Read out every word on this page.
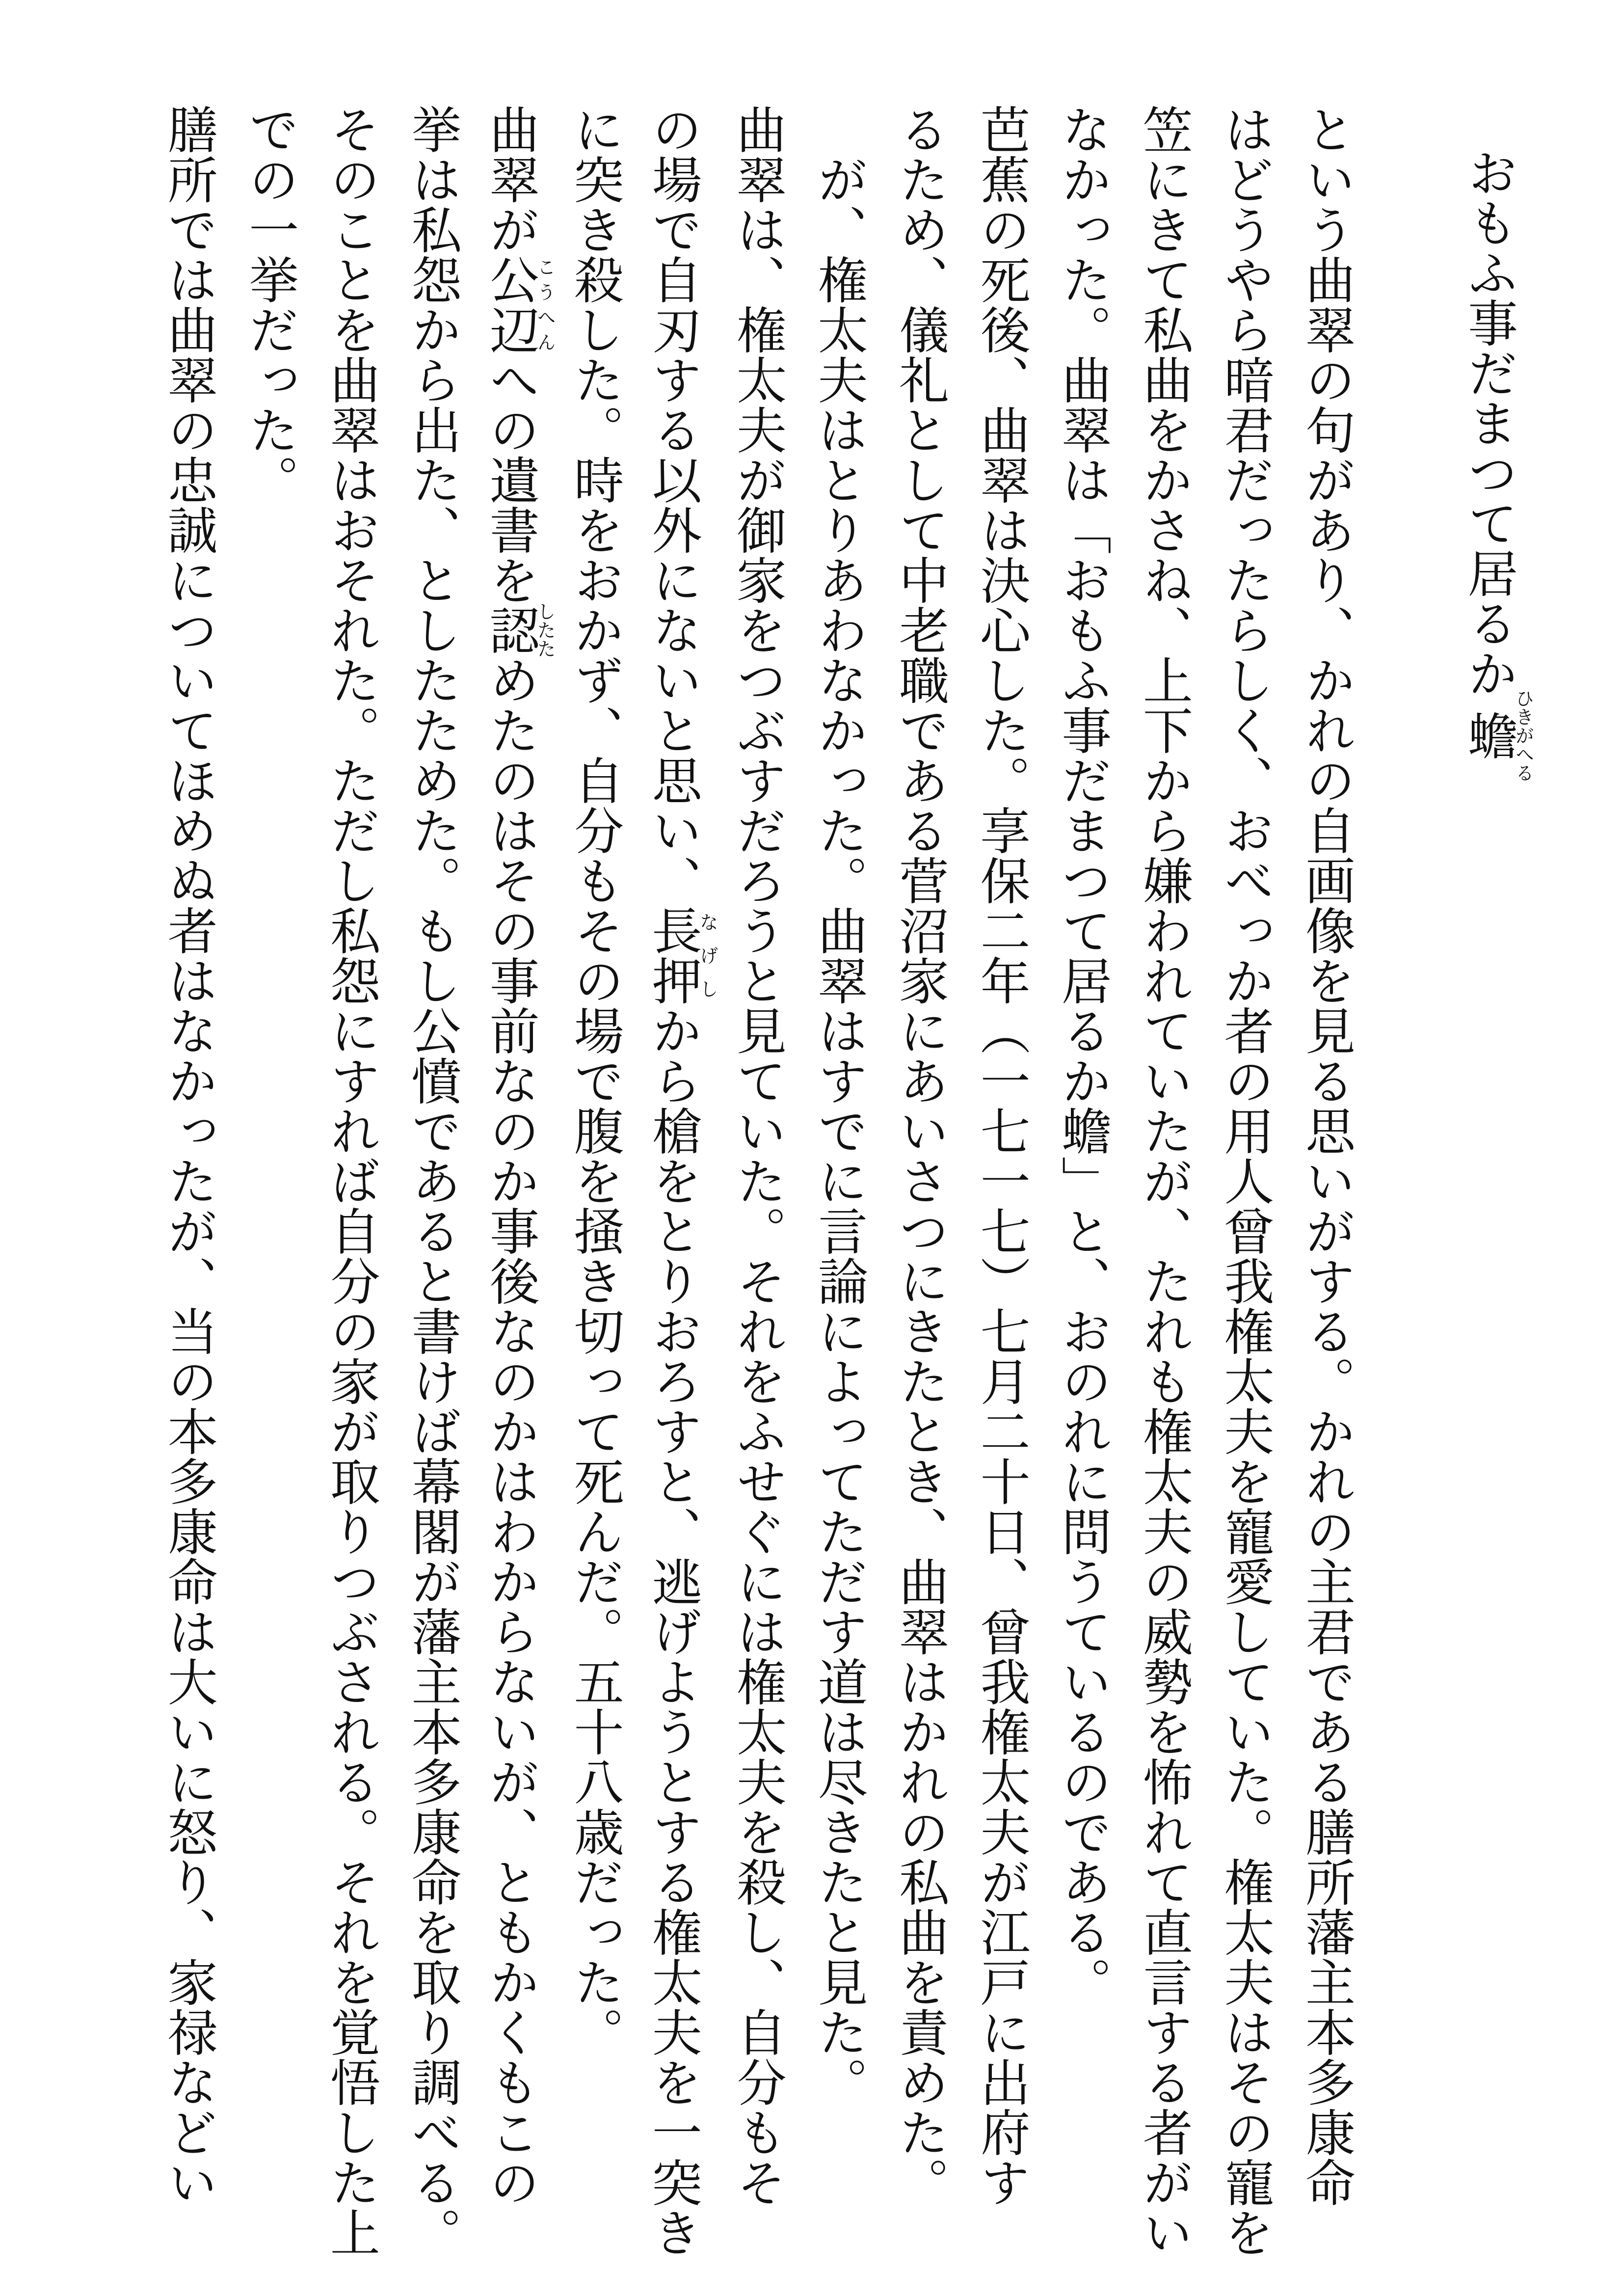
おもふ事だまつて居るか蟾ひきがへる
という曲翠の句があり、かれの自画像を見る思いがする。かれの主君である膳所藩主本多康命
はどうやら暗君だったらしく、おべっか者の用人曾我権太夫を寵愛していた。権太夫はその寵を
笠にきて私曲をかさね、上下から嫌われていたが、たれも権太夫の威勢を怖れて直言する者がい
なかった。曲翠は「おもふ事だまつて居るか蟾」と、おのれに問うているのである。
芭蕉の死後、曲翠は決心した。享保二年（一七一七）七月二十日、曾我権太夫が江戸に出府す
るため、儀礼として中老職である菅沼家にあいさつにきたとき、曲翠はかれの私曲を責めた。
が、権太夫はとりあわなかった。曲翠はすでに言論によってただす道は尽きたと見た。
曲翠は、権太夫が御家をつぶすだろうと見ていた。それをふせぐには権太夫を殺し、自分もそ
の場で自刃する以外にないと思い、長押なげしから槍をとりおろすと、逃げようとする権太夫を一突き
に突き殺した。時をおかず、自分もその場で腹を掻き切って死んだ。五十八歳だった。
曲翠が公辺こうへんへの遺書を認したためたのはその事前なのか事後なのかはわからないが、ともかくもこの
挙は私怨から出た、としたためた。もし公憤であると書けば幕閣が藩主本多康命を取り調べる。
そのことを曲翠はおそれた。ただし私怨にすれば自分の家が取りつぶされる。それを覚悟した上
での一挙だった。
膳所では曲翠の忠誠についてほめぬ者はなかったが、当の本多康命は大いに怒り、家禄などい
